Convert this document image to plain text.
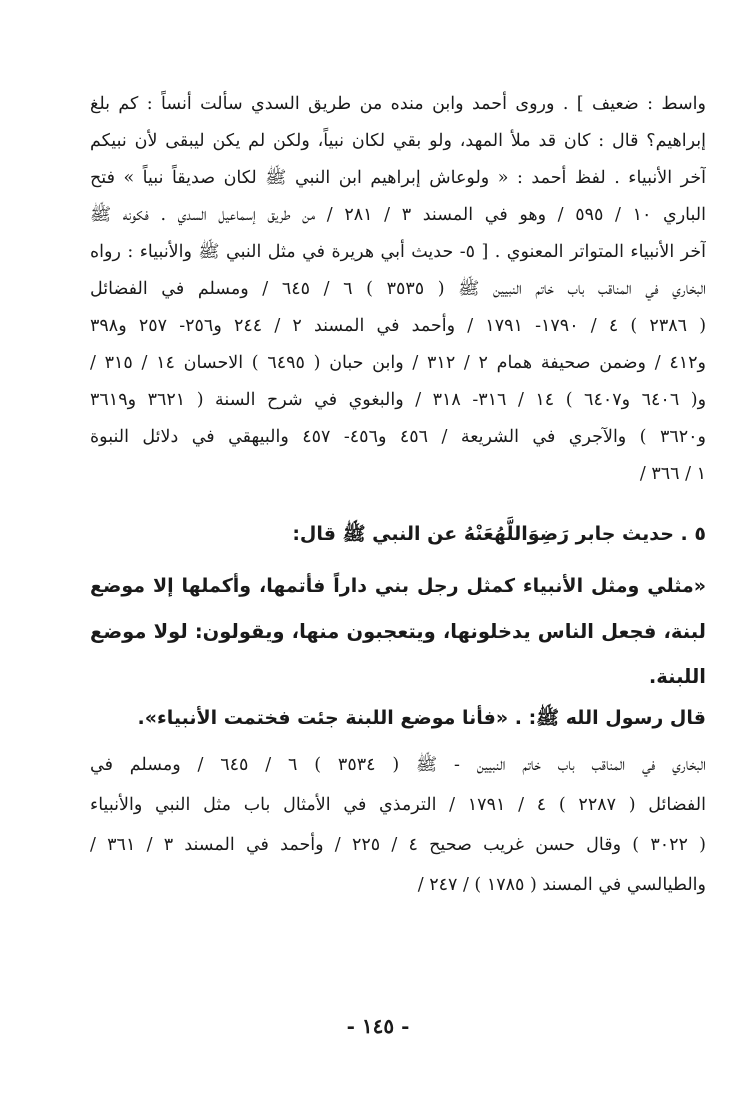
واسط : ضعيف ] . وروى أحمد وابن منده من طريق السدي سألت أنساً : كم بلغ
إبراهيم؟ قال : كان قد ملأ المهد، ولو بقي لكان نبياً، ولكن لم يكن ليبقى لأن نبيكم
آخر الأنبياء . لفظ أحمد : « ولوعاش إبراهيم ابن النبي ﷺ لكان صديقاً نبياً » فتح
الباري ١٠ / ٥٩٥ / وهو في المسند ٣ / ٢٨١ / من طريق إسماعيل السدي . فكونه ﷺ
آخر الأنبياء المتواتر المعنوي . [ ٥- حديث أبي هريرة في مثل النبي ﷺ والأنبياء : رواه
البخاري في المناقب باب خاتم النبيين ﷺ ( ٣٥٣٥ ) ٦ / ٦٤٥ / ومسلم في الفضائل
( ٢٣٨٦ ) ٤ / ١٧٩٠- ١٧٩١ / وأحمد في المسند ٢ / ٢٤٤ و٢٥٦- ٢٥٧ و٣٩٨
و٤١٢ / وضمن صحيفة همام ٢ / ٣١٢ / وابن حبان ( ٦٤٩٥ ) الاحسان ١٤ / ٣١٥ /
و( ٦٤٠٦ و٦٤٠٧ ) ١٤ / ٣١٦- ٣١٨ / والبغوي في شرح السنة ( ٣٦٢١ و٣٦١٩
و٣٦٢٠ ) والآجري في الشريعة / ٤٥٦ و٤٥٦- ٤٥٧ والبيهقي في دلائل النبوة
١ / ٣٦٦ /
٥ . حديث جابر رَضِوَاللَّهُعَنْهُ عن النبي ﷺ قال:
«مثلي ومثل الأنبياء كمثل رجل بني داراً فأتمها، وأكملها إلا موضع
لبنة، فجعل الناس يدخلونها، ويتعجبون منها، ويقولون: لولا موضع
اللبنة.
قال رسول الله ﷺ: . «فأنا موضع اللبنة جئت فختمت الأنبياء».
البخاري في المناقب باب خاتم النبيين - ﷺ ( ٣٥٣٤ ) ٦ / ٦٤٥ / ومسلم في
الفضائل ( ٢٢٨٧ ) ٤ / ١٧٩١ / الترمذي في الأمثال باب مثل النبي والأنبياء
( ٣٠٢٢ ) وقال حسن غريب صحيح ٤ / ٢٢٥ / وأحمد في المسند ٣ / ٣٦١ /
والطيالسي في المسند ( ١٧٨٥ ) / ٢٤٧ /
- ١٤٥ -
